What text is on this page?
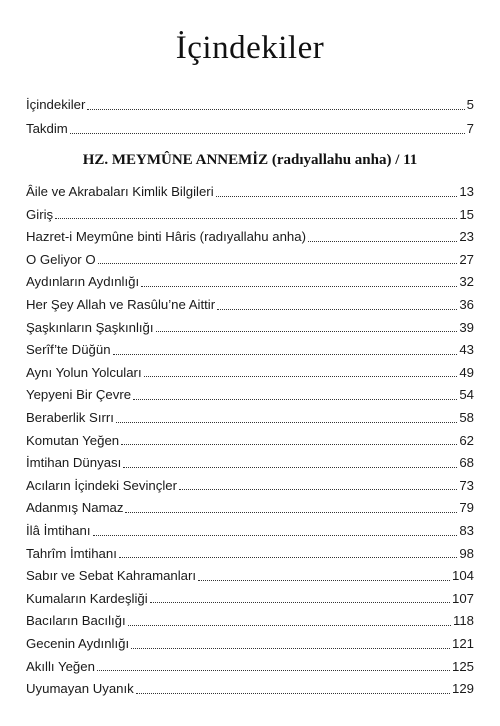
İçindekiler
İçindekiler	5
Takdim	7
HZ. MEYMÛNE ANNEMİZ (radıyallahu anha) / 11
Âile ve Akrabaları Kimlik Bilgileri	13
Giriş	15
Hazret-i Meymûne binti Hâris (radıyallahu anha)	23
O Geliyor O	27
Aydınların Aydınlığı	32
Her Şey Allah ve Rasûlu’ne Aittir	36
Şaşkınların Şaşkınlığı	39
Serîf’te Düğün	43
Aynı Yolun Yolcuları	49
Yepyeni Bir Çevre	54
Beraberlik Sırrı	58
Komutan Yeğen	62
İmtihan Dünyası	68
Acıların İçindeki Sevinçler	73
Adanmış Namaz	79
İlâ İmtihanı	83
Tahrîm İmtihanı	98
Sabır ve Sebat Kahramanları	104
Kumaların Kardeşliği	107
Bacıların Bacılığı	118
Gecenin Aydınlığı	121
Akıllı Yeğen	125
Uyumayan Uyanık	129
